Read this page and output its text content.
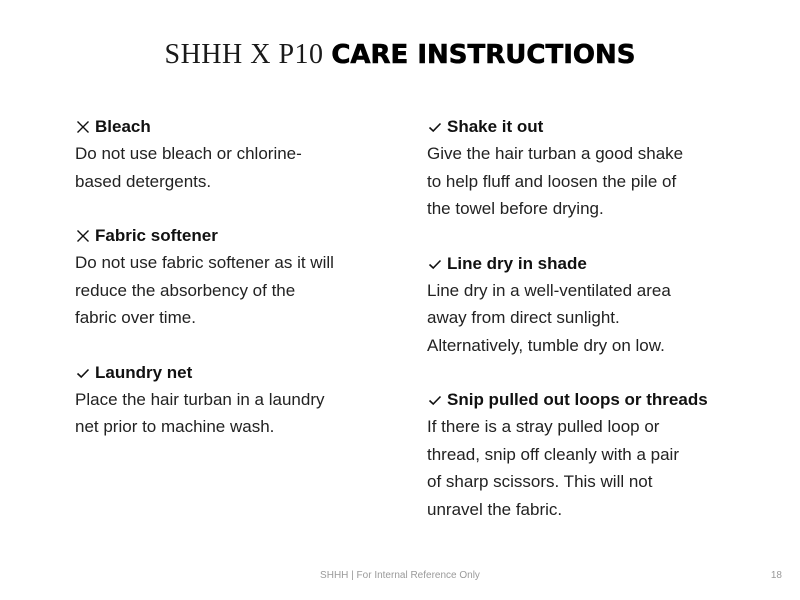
SHHH X P10 CARE INSTRUCTIONS
Bleach
Do not use bleach or chlorine-
based detergents.
Fabric softener
Do not use fabric softener as it will
reduce the absorbency of the
fabric over time.
Laundry net
Place the hair turban in a laundry
net prior to machine wash.
Shake it out
Give the hair turban a good shake
to help fluff and loosen the pile of
the towel before drying.
Line dry in shade
Line dry in a well-ventilated area
away from direct sunlight.
Alternatively, tumble dry on low.
Snip pulled out loops or threads
If there is a stray pulled loop or
thread, snip off cleanly with a pair
of sharp scissors. This will not
unravel the fabric.
SHHH | For Internal Reference Only	18
